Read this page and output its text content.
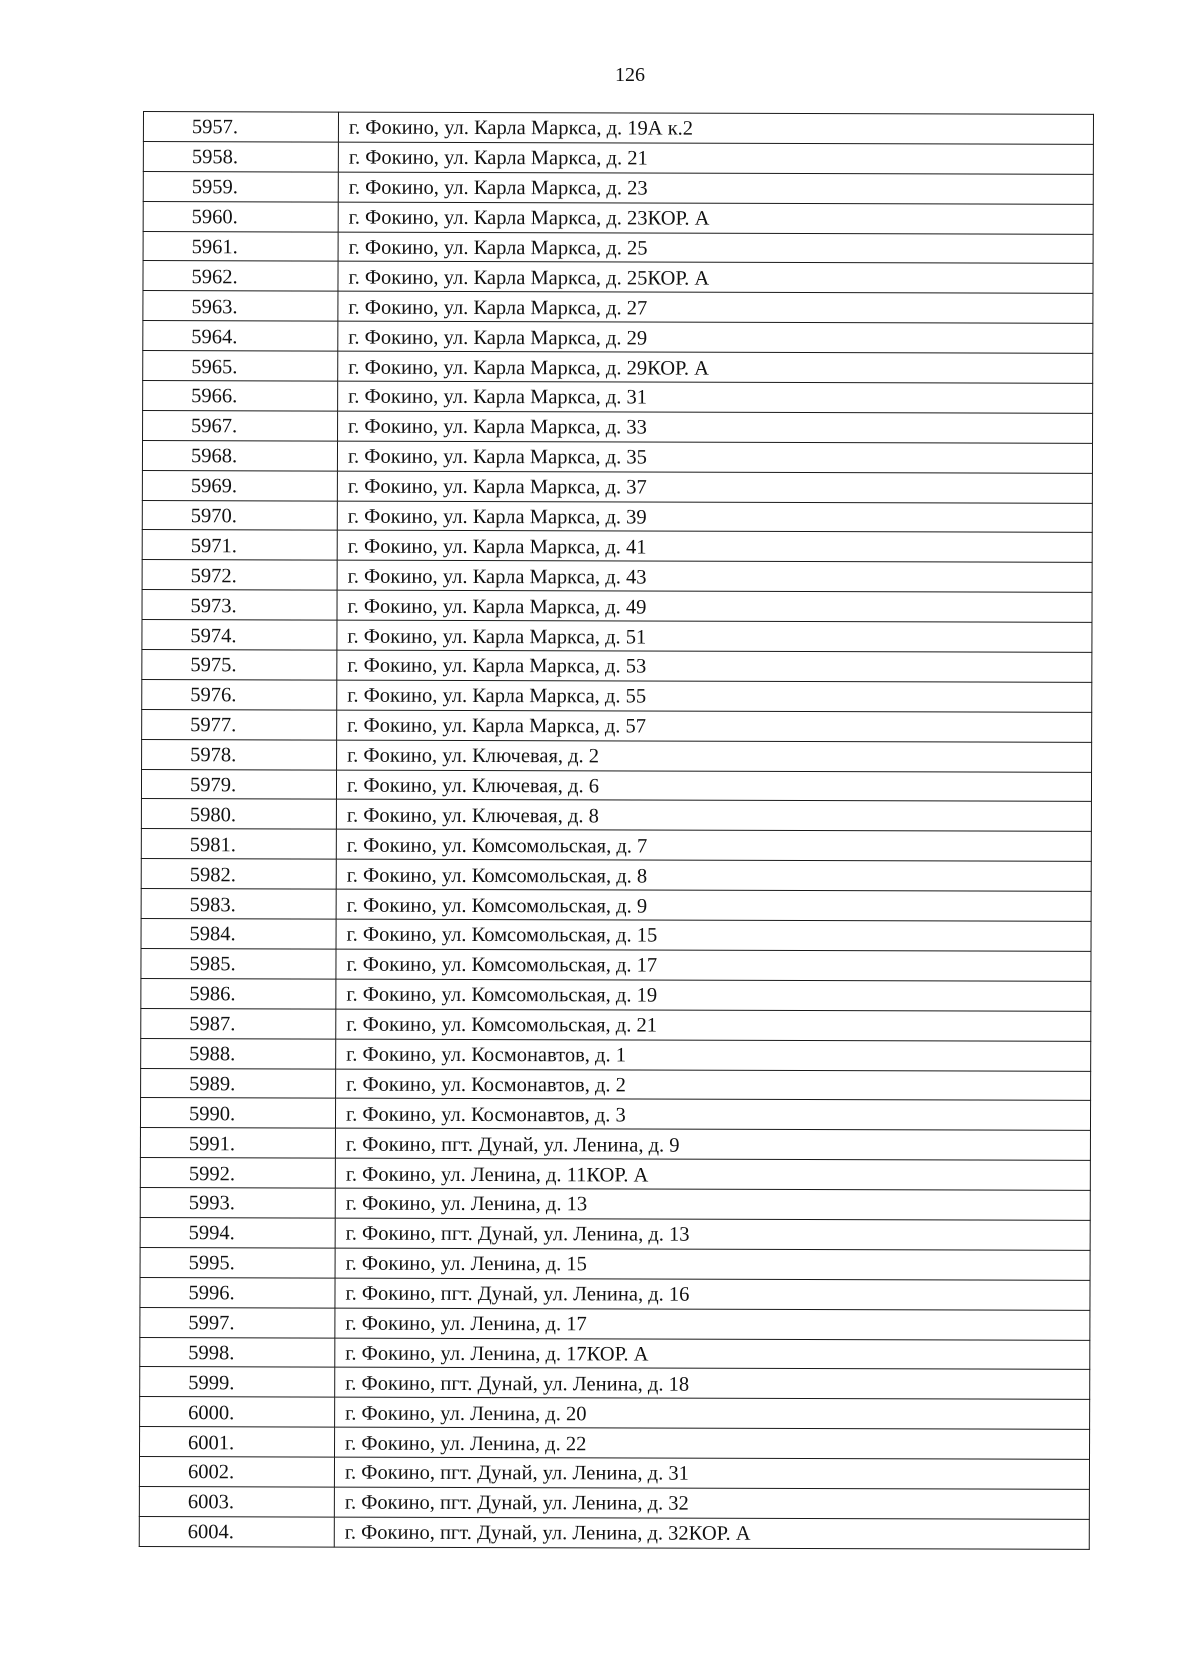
126
5957.	г. Фокино, ул. Карла Маркса, д. 19А к.2
5958.	г. Фокино, ул. Карла Маркса, д. 21
5959.	г. Фокино, ул. Карла Маркса, д. 23
5960.	г. Фокино, ул. Карла Маркса, д. 23КОР. А
5961.	г. Фокино, ул. Карла Маркса, д. 25
5962.	г. Фокино, ул. Карла Маркса, д. 25КОР. А
5963.	г. Фокино, ул. Карла Маркса, д. 27
5964.	г. Фокино, ул. Карла Маркса, д. 29
5965.	г. Фокино, ул. Карла Маркса, д. 29КОР. А
5966.	г. Фокино, ул. Карла Маркса, д. 31
5967.	г. Фокино, ул. Карла Маркса, д. 33
5968.	г. Фокино, ул. Карла Маркса, д. 35
5969.	г. Фокино, ул. Карла Маркса, д. 37
5970.	г. Фокино, ул. Карла Маркса, д. 39
5971.	г. Фокино, ул. Карла Маркса, д. 41
5972.	г. Фокино, ул. Карла Маркса, д. 43
5973.	г. Фокино, ул. Карла Маркса, д. 49
5974.	г. Фокино, ул. Карла Маркса, д. 51
5975.	г. Фокино, ул. Карла Маркса, д. 53
5976.	г. Фокино, ул. Карла Маркса, д. 55
5977.	г. Фокино, ул. Карла Маркса, д. 57
5978.	г. Фокино, ул. Ключевая, д. 2
5979.	г. Фокино, ул. Ключевая, д. 6
5980.	г. Фокино, ул. Ключевая, д. 8
5981.	г. Фокино, ул. Комсомольская, д. 7
5982.	г. Фокино, ул. Комсомольская, д. 8
5983.	г. Фокино, ул. Комсомольская, д. 9
5984.	г. Фокино, ул. Комсомольская, д. 15
5985.	г. Фокино, ул. Комсомольская, д. 17
5986.	г. Фокино, ул. Комсомольская, д. 19
5987.	г. Фокино, ул. Комсомольская, д. 21
5988.	г. Фокино, ул. Космонавтов, д. 1
5989.	г. Фокино, ул. Космонавтов, д. 2
5990.	г. Фокино, ул. Космонавтов, д. 3
5991.	г. Фокино, пгт. Дунай, ул. Ленина, д. 9
5992.	г. Фокино, ул. Ленина, д. 11КОР. А
5993.	г. Фокино, ул. Ленина, д. 13
5994.	г. Фокино, пгт. Дунай, ул. Ленина, д. 13
5995.	г. Фокино, ул. Ленина, д. 15
5996.	г. Фокино, пгт. Дунай, ул. Ленина, д. 16
5997.	г. Фокино, ул. Ленина, д. 17
5998.	г. Фокино, ул. Ленина, д. 17КОР. А
5999.	г. Фокино, пгт. Дунай, ул. Ленина, д. 18
6000.	г. Фокино, ул. Ленина, д. 20
6001.	г. Фокино, ул. Ленина, д. 22
6002.	г. Фокино, пгт. Дунай, ул. Ленина, д. 31
6003.	г. Фокино, пгт. Дунай, ул. Ленина, д. 32
6004.	г. Фокино, пгт. Дунай, ул. Ленина, д. 32КОР. А
